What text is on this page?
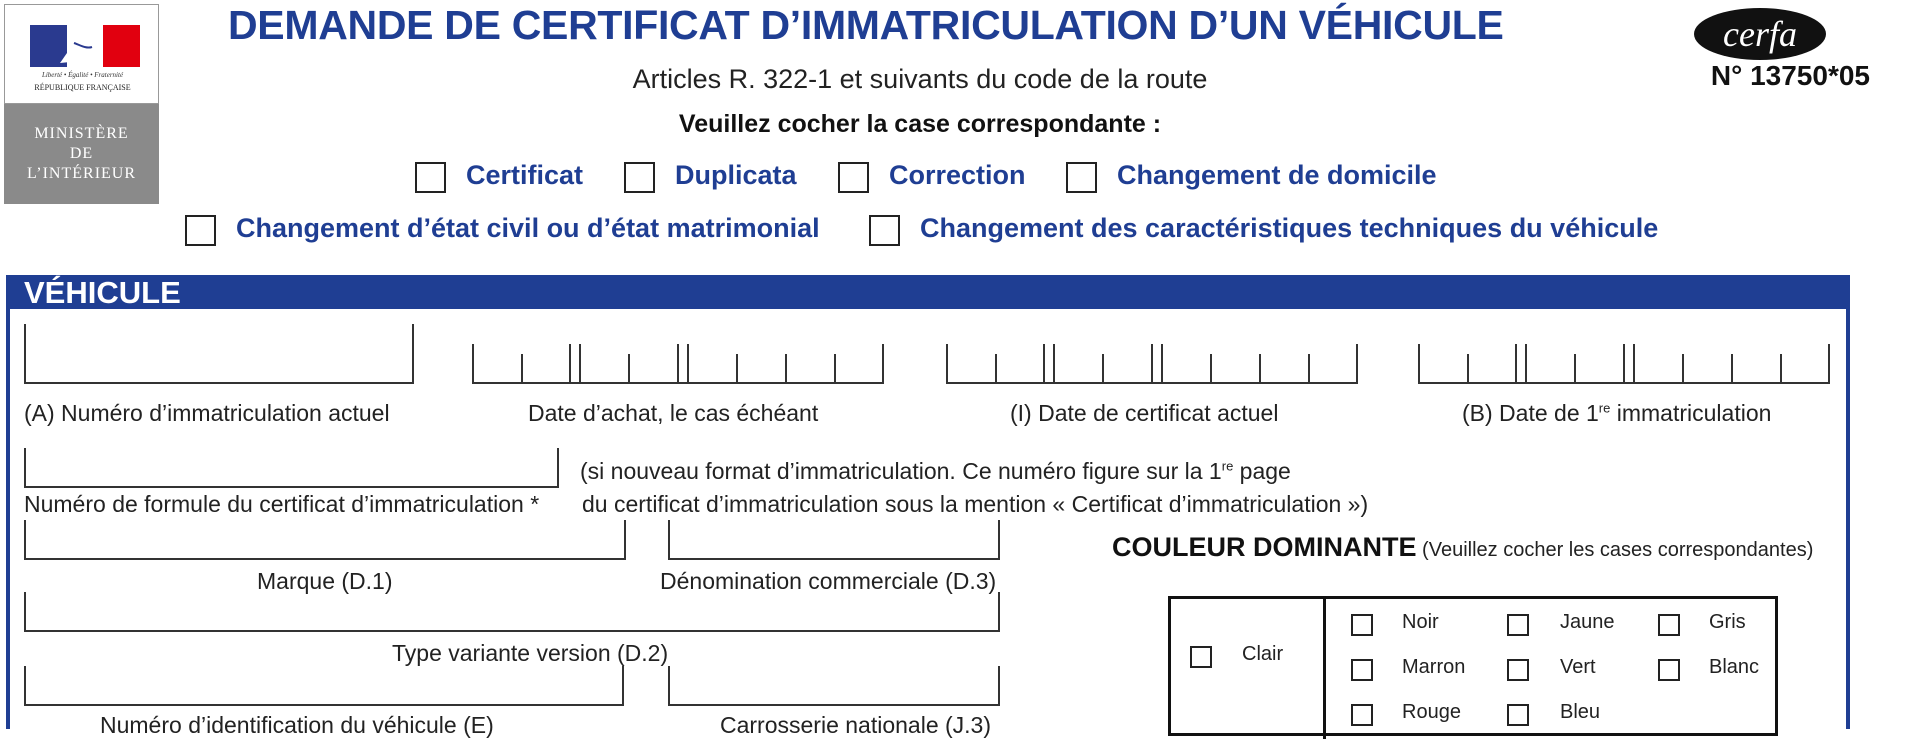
Liberté • Égalité • Fraternité
RÉPUBLIQUE FRANÇAISE
MINISTÈRE
DE
L’INTÉRIEUR
DEMANDE DE CERTIFICAT D’IMMATRICULATION D’UN VÉHICULE
Articles R. 322-1 et suivants du code de la route
Veuillez cocher la case correspondante :
cerfa
N° 13750*05
Certificat	Duplicata	Correction	Changement de domicile
Changement d’état civil ou d’état matrimonial	Changement des caractéristiques techniques du véhicule
VÉHICULE
(A) Numéro d’immatriculation actuel	Date d’achat, le cas échéant	(I) Date de certificat actuel	(B) Date de 1re immatriculation
Numéro de formule du certificat d’immatriculation *
(si nouveau format d’immatriculation. Ce numéro figure sur la 1re page
du certificat d’immatriculation sous la mention « Certificat d’immatriculation »)
Marque (D.1)	Dénomination commerciale (D.3)
Type variante version (D.2)
Numéro d’identification du véhicule (E)	Carrosserie nationale (J.3)
COULEUR DOMINANTE (Veuillez cocher les cases correspondantes)
Clair
Noir	Jaune	Gris
Marron	Vert	Blanc
Rouge	Bleu
